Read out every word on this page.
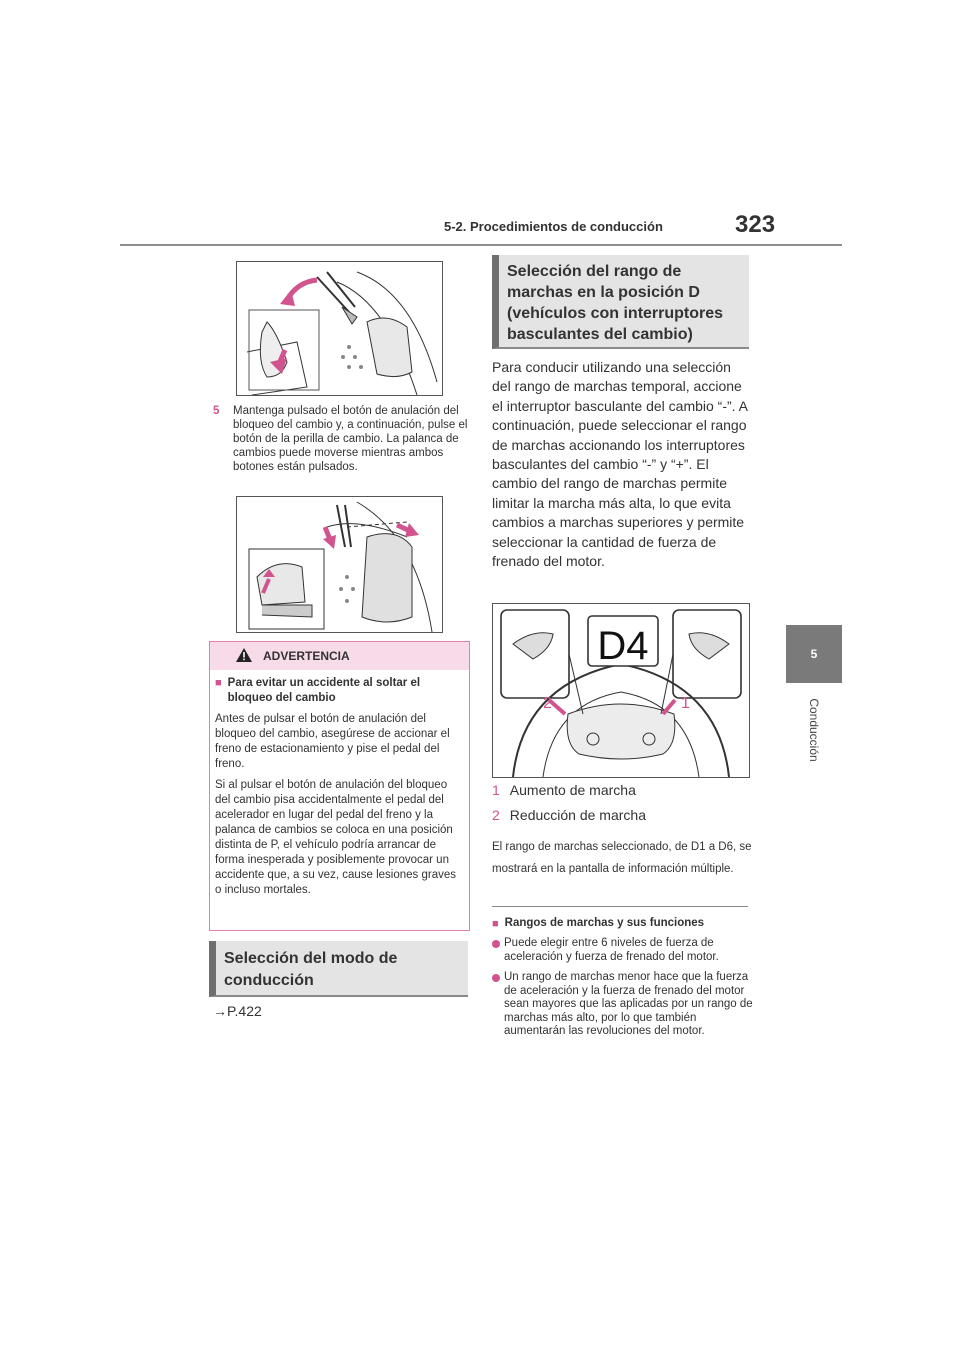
5-2. Procedimientos de conducción	323
5
Conducción
5	Mantenga pulsado el botón de anulación del bloqueo del cambio y, a continuación, pulse el botón de la perilla de cambio. La palanca de cambios puede moverse mientras ambos botones están pulsados.
ADVERTENCIA
■ Para evitar un accidente al soltar el bloqueo del cambio

Antes de pulsar el botón de anulación del bloqueo del cambio, asegúrese de accionar el freno de estacionamiento y pise el pedal del freno.

Si al pulsar el botón de anulación del bloqueo del cambio pisa accidentalmente el pedal del acelerador en lugar del pedal del freno y la palanca de cambios se coloca en una posición distinta de P, el vehículo podría arrancar de forma inesperada y posiblemente provocar un accidente que, a su vez, cause lesiones graves o incluso mortales.

Selección del modo de conducción
→P.422
Selección del rango de marchas en la posición D (vehículos con interruptores basculantes del cambio)
Para conducir utilizando una selección del rango de marchas temporal, accione el interruptor basculante del cambio “-”. A continuación, puede seleccionar el rango de marchas accionando los interruptores basculantes del cambio “-” y “+”. El cambio del rango de marchas permite limitar la marcha más alta, lo que evita cambios a marchas superiores y permite seleccionar la cantidad de fuerza de frenado del motor.
D4
2	1
1 Aumento de marcha
2 Reducción de marcha
El rango de marchas seleccionado, de D1 a D6, se mostrará en la pantalla de información múltiple.
■ Rangos de marchas y sus funciones
Puede elegir entre 6 niveles de fuerza de aceleración y fuerza de frenado del motor.
Un rango de marchas menor hace que la fuerza de aceleración y la fuerza de frenado del motor sean mayores que las aplicadas por un rango de marchas más alto, por lo que también aumentarán las revoluciones del motor.
